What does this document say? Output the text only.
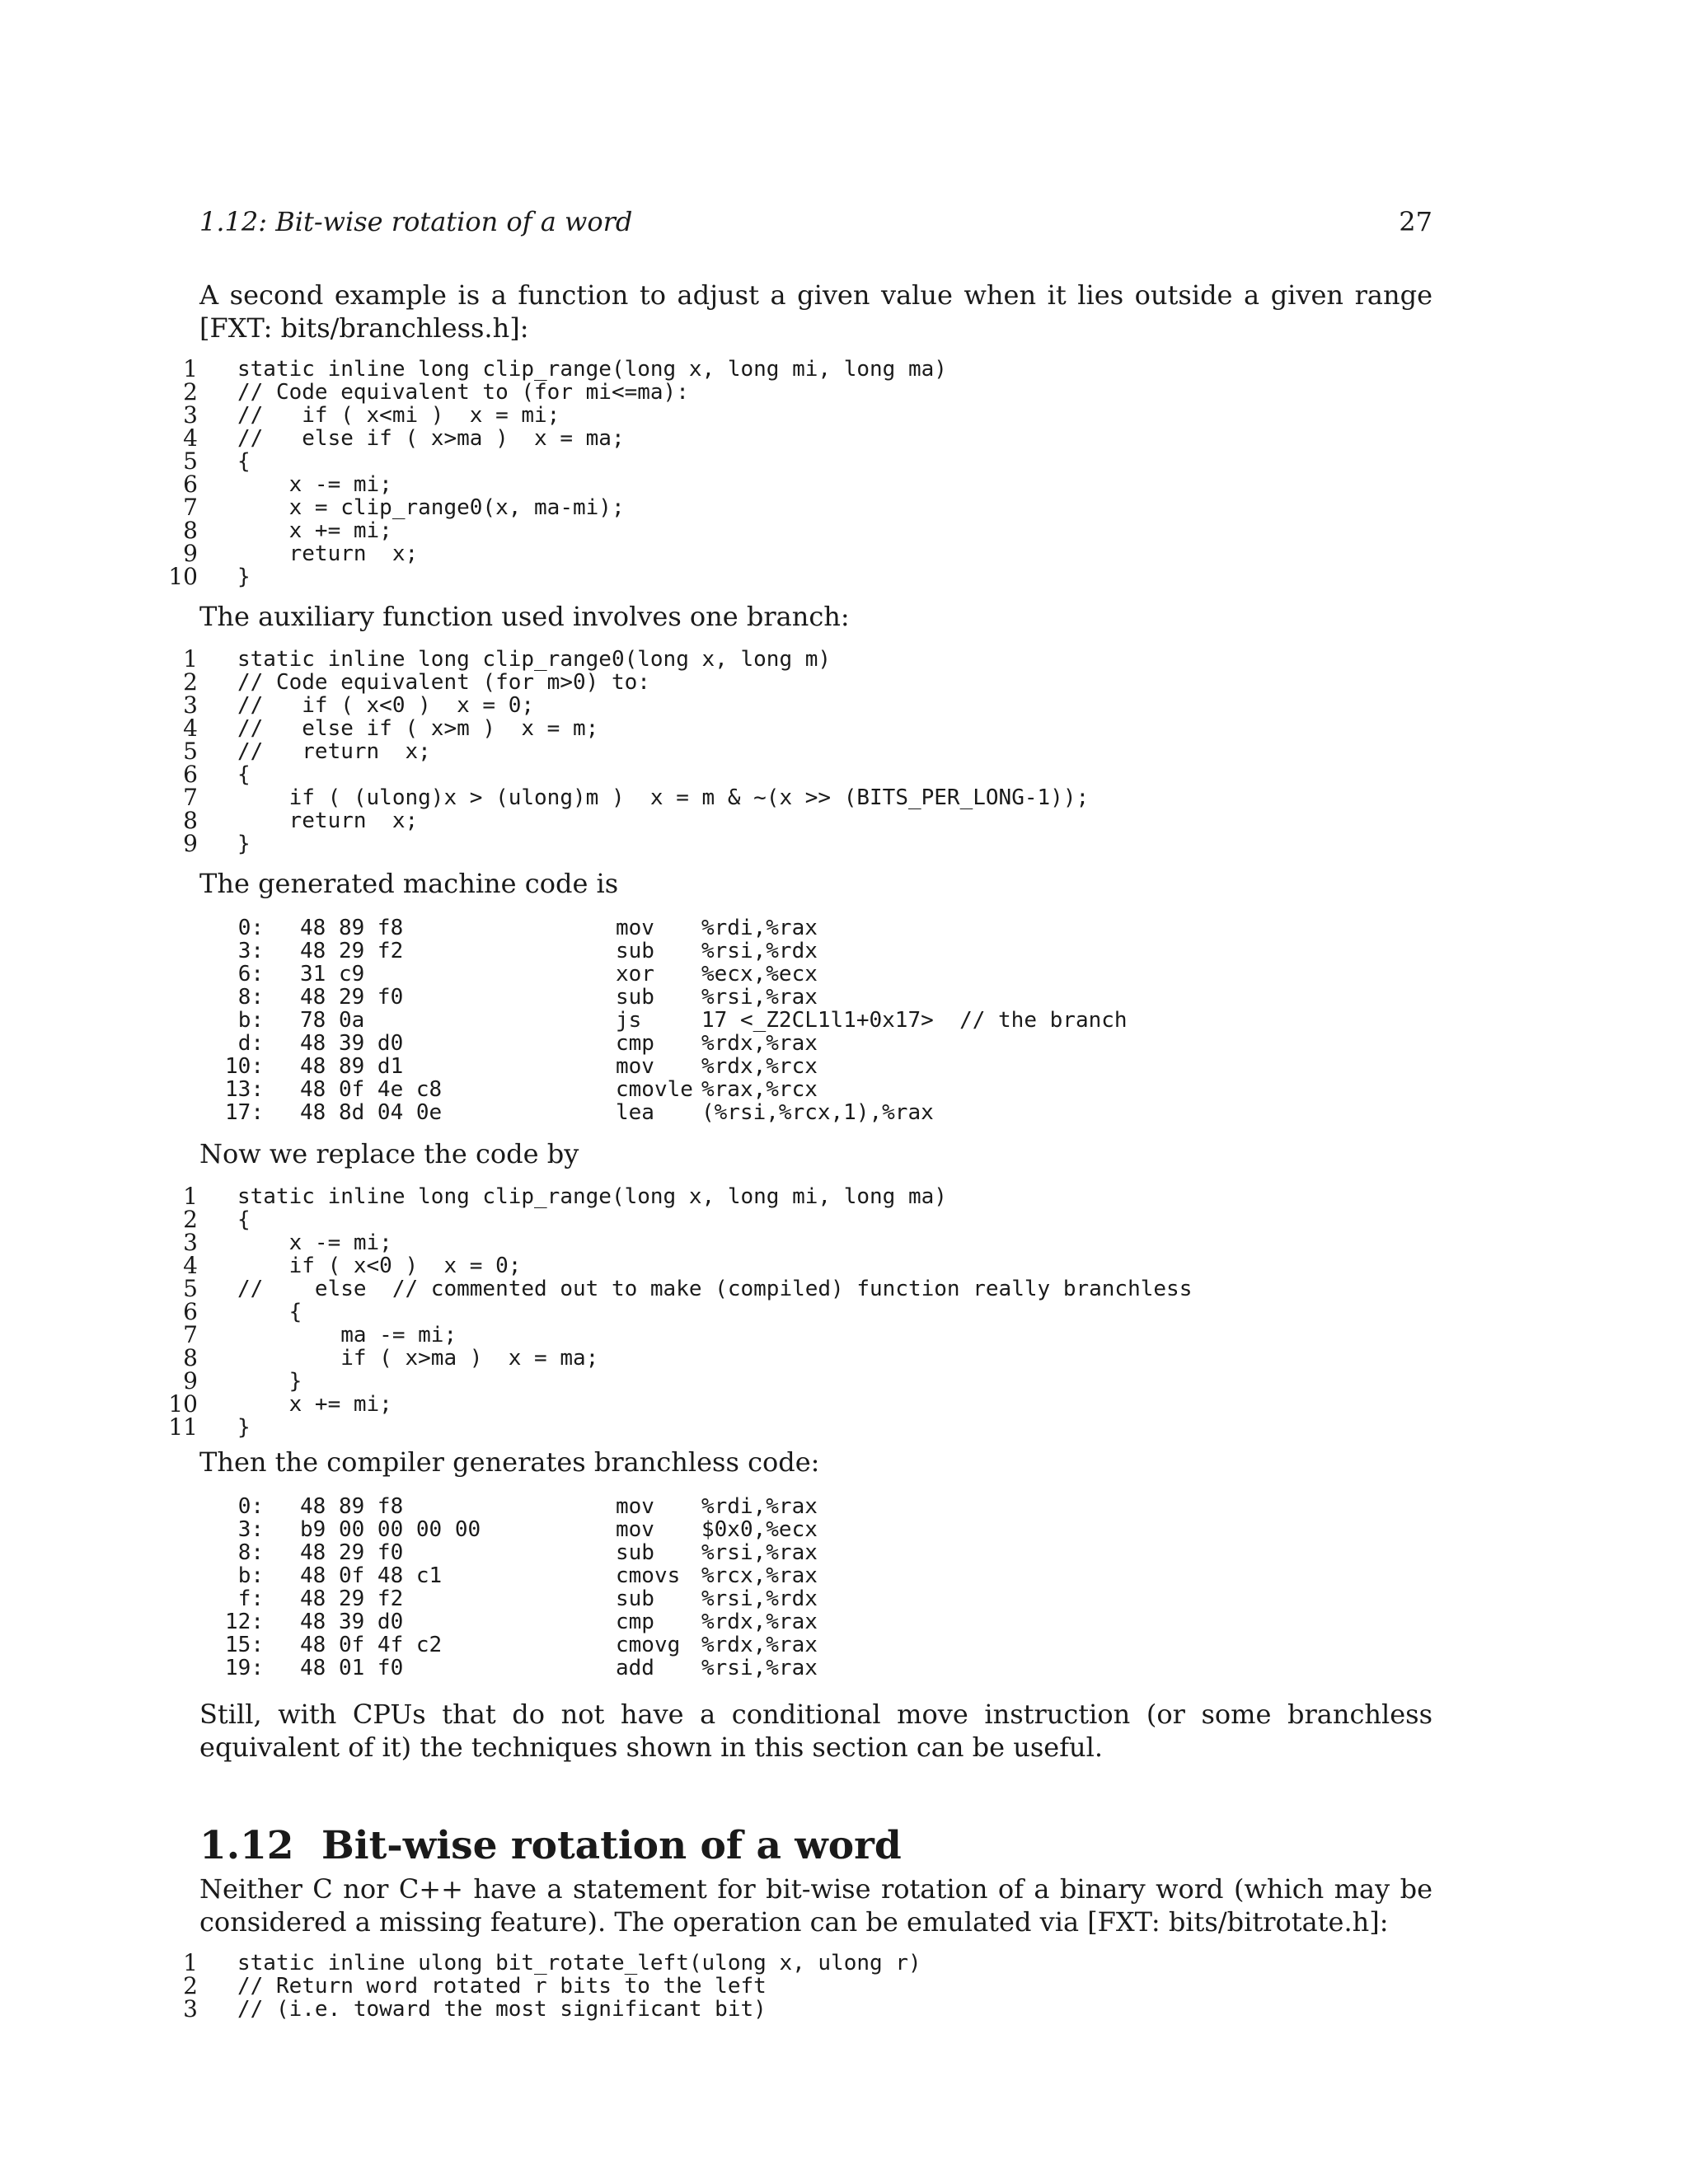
1.12: Bit-wise rotation of a word	27

A second example is a function to adjust a given value when it lies outside a given range [FXT: bits/branchless.h]:

1 static inline long clip_range(long x, long mi, long ma)
2 // Code equivalent to (for mi<=ma):
3 //   if ( x<mi )  x = mi;
4 //   else if ( x>ma )  x = ma;
5 {
6 x -= mi;
7 x = clip_range0(x, ma-mi);
8 x += mi;
9 return  x;
10 }

The auxiliary function used involves one branch:

1 static inline long clip_range0(long x, long m)
2 // Code equivalent (for m>0) to:
3 //   if ( x<0 )  x = 0;
4 //   else if ( x>m )  x = m;
5 //   return  x;
6 {
7 if ( (ulong)x > (ulong)m )  x = m & ~(x >> (BITS_PER_LONG-1));
8 return  x;
9 }

The generated machine code is

0: 48 89 f8	mov %rdi,%rax
3: 48 29 f2	sub %rsi,%rdx
6: 31 c9	xor %ecx,%ecx
8: 48 29 f0	sub %rsi,%rax
b: 78 0a	js	17 <_Z2CL1l1+0x17>  // the branch
d: 48 39 d0	cmp %rdx,%rax
10: 48 89 d1	mov %rdx,%rcx
13: 48 0f 4e c8	cmovle %rax,%rcx
17: 48 8d 04 0e	lea (%rsi,%rcx,1),%rax

Now we replace the code by

1 static inline long clip_range(long x, long mi, long ma)
2 {
3 x -= mi;
4 if ( x<0 )  x = 0;
5 //    else  // commented out to make (compiled) function really branchless
6 {
7 ma -= mi;
8 if ( x>ma )  x = ma;
9 }
10 x += mi;
11 }

Then the compiler generates branchless code:

0: 48 89 f8	mov %rdi,%rax
3: b9 00 00 00 00	mov $0x0,%ecx
8: 48 29 f0	sub %rsi,%rax
b: 48 0f 48 c1	cmovs %rcx,%rax
f: 48 29 f2	sub %rsi,%rdx
12: 48 39 d0	cmp %rdx,%rax
15: 48 0f 4f c2	cmovg %rdx,%rax
19: 48 01 f0	add %rsi,%rax

Still, with CPUs that do not have a conditional move instruction (or some branchless equivalent of it) the techniques shown in this section can be useful.

1.12 Bit-wise rotation of a word

Neither C nor C++ have a statement for bit-wise rotation of a binary word (which may be considered a missing feature). The operation can be emulated via [FXT: bits/bitrotate.h]:

1 static inline ulong bit_rotate_left(ulong x, ulong r)
2 // Return word rotated r bits to the left
3 // (i.e. toward the most significant bit)
